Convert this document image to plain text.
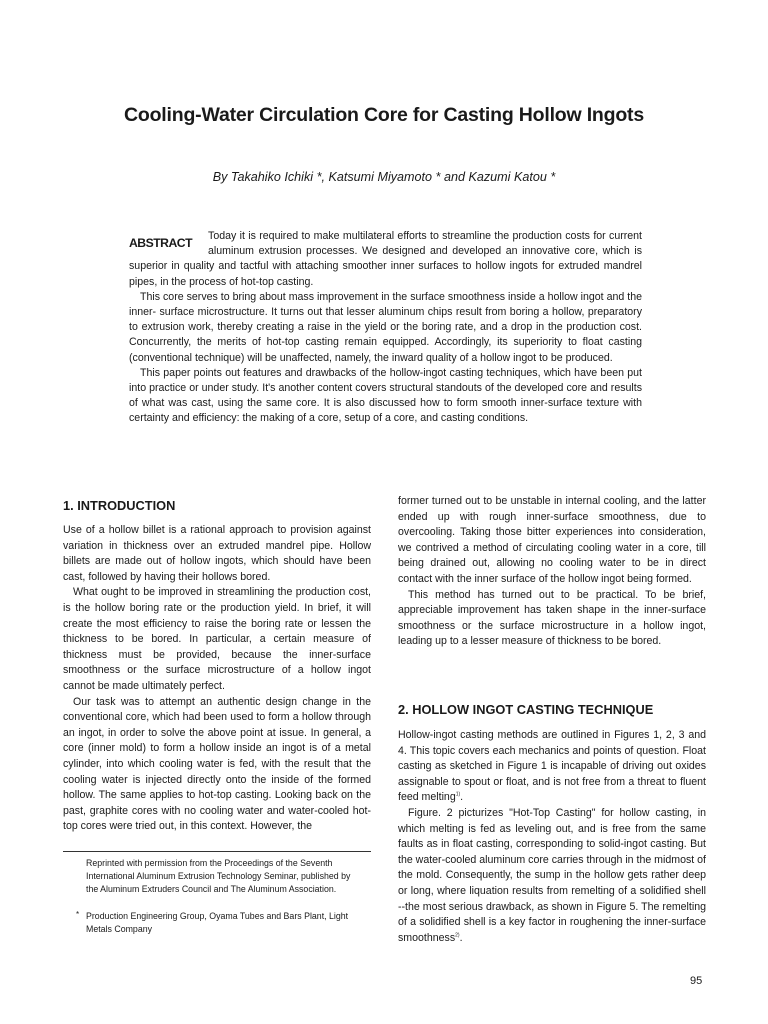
Cooling-Water Circulation Core for Casting Hollow Ingots

By Takahiko Ichiki *, Katsumi Miyamoto * and Kazumi Katou *

ABSTRACT	Today it is required to make multilateral efforts to streamline the production costs for current aluminum extrusion processes. We designed and developed an innovative core, which is superior in quality and tactful with attaching smoother inner surfaces to hollow ingots for extruded mandrel pipes, in the process of hot-top casting.

This core serves to bring about mass improvement in the surface smoothness inside a hollow ingot and the inner- surface microstructure. It turns out that lesser aluminum chips result from boring a hollow, preparatory to extrusion work, thereby creating a raise in the yield or the boring rate, and a drop in the production cost. Concurrently, the merits of hot-top casting remain equipped. Accordingly, its superiority to float casting (conventional technique) will be unaffected, namely, the inward quality of a hollow ingot to be produced.

This paper points out features and drawbacks of the hollow-ingot casting techniques, which have been put into practice or under study. It's another content covers structural standouts of the developed core and results of what was cast, using the same core. It is also discussed how to form smooth inner-surface texture with certainty and efficiency: the making of a core, setup of a core, and casting conditions.

1. INTRODUCTION

Use of a hollow billet is a rational approach to provision against variation in thickness over an extruded mandrel pipe. Hollow billets are made out of hollow ingots, which should have been cast, followed by having their hollows bored.

What ought to be improved in streamlining the production cost, is the hollow boring rate or the production yield. In brief, it will create the most efficiency to raise the boring rate or lessen the thickness to be bored. In particular, a certain measure of thickness must be provided, because the inner-surface smoothness or the surface microstructure of a hollow ingot cannot be made ultimately perfect.

Our task was to attempt an authentic design change in the conventional core, which had been used to form a hollow through an ingot, in order to solve the above point at issue. In general, a core (inner mold) to form a hollow inside an ingot is of a metal cylinder, into which cooling water is fed, with the result that the cooling water is injected directly onto the inside of the formed hollow. The same applies to hot-top casting. Looking back on the past, graphite cores with no cooling water and water-cooled hot-top cores were tried out, in this context. However, the

Reprinted with permission from the Proceedings of the Seventh International Aluminum Extrusion Technology Seminar, published by the Aluminum Extruders Council and The Aluminum Association.

* Production Engineering Group, Oyama Tubes and Bars Plant, Light Metals Company

former turned out to be unstable in internal cooling, and the latter ended up with rough inner-surface smoothness, due to overcooling. Taking those bitter experiences into consideration, we contrived a method of circulating cooling water in a core, till being drained out, allowing no cooling water to be in direct contact with the inner surface of the hollow ingot being formed.

This method has turned out to be practical. To be brief, appreciable improvement has taken shape in the inner-surface smoothness or the surface microstructure in a hollow ingot, leading up to a lesser measure of thickness to be bored.

2. HOLLOW INGOT CASTING TECHNIQUE

Hollow-ingot casting methods are outlined in Figures 1, 2, 3 and 4. This topic covers each mechanics and points of question. Float casting as sketched in Figure 1 is incapable of driving out oxides assignable to spout or float, and is not free from a threat to fluent feed melting$^{1)}$.

Figure. 2 picturizes "Hot-Top Casting" for hollow casting, in which melting is fed as leveling out, and is free from the same faults as in float casting, corresponding to solid-ingot casting. But the water-cooled aluminum core carries through in the midmost of the mold. Consequently, the sump in the hollow gets rather deep or long, where liquation results from remelting of a solidified shell --the most serious drawback, as shown in Figure 5. The remelting of a solidified shell is a key factor in roughening the inner-surface smoothness$^{2)}$.

95
